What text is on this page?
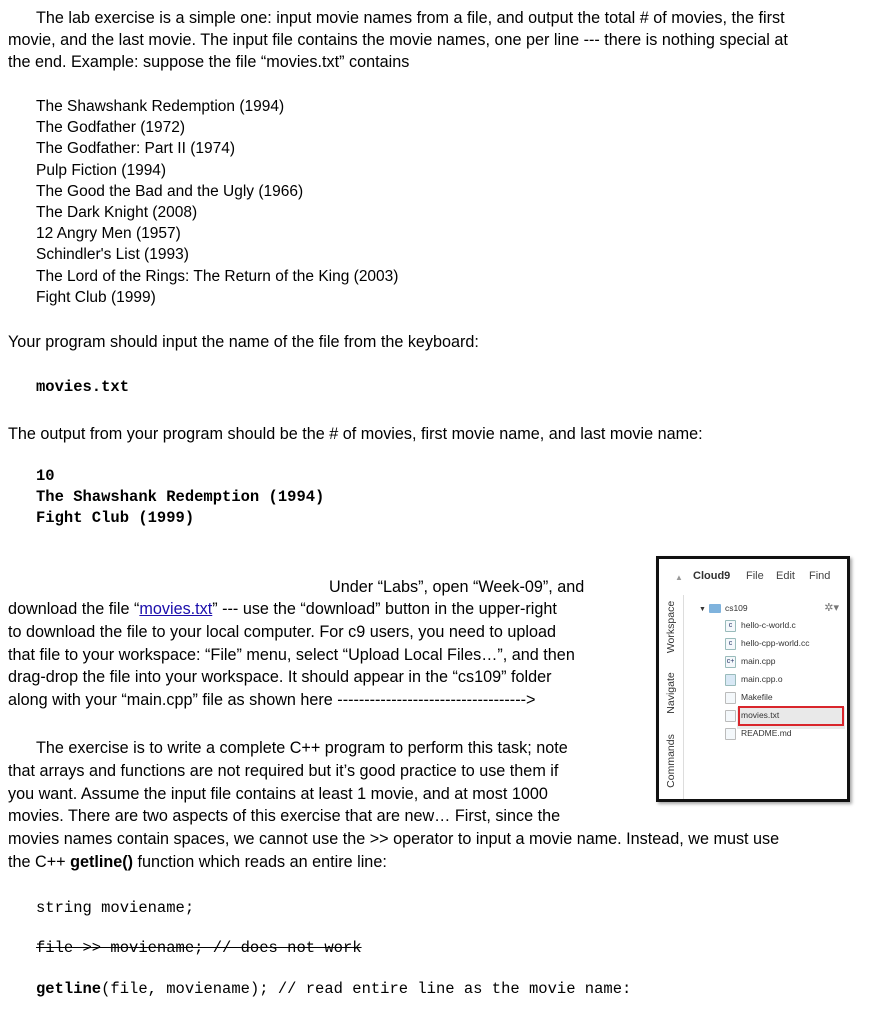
The lab exercise is a simple one: input movie names from a file, and output the total # of movies, the first
movie, and the last movie. The input file contains the movie names, one per line --- there is nothing special at
the end. Example: suppose the file “movies.txt” contains
The Shawshank Redemption (1994)
The Godfather (1972)
The Godfather: Part II (1974)
Pulp Fiction (1994)
The Good the Bad and the Ugly (1966)
The Dark Knight (2008)
12 Angry Men (1957)
Schindler's List (1993)
The Lord of the Rings: The Return of the King (2003)
Fight Club (1999)
Your program should input the name of the file from the keyboard:
movies.txt
The output from your program should be the # of movies, first movie name, and last movie name:
10
The Shawshank Redemption (1994)
Fight Club (1999)
Under “Labs”, open “Week-09”, and
download the file “movies.txt” --- use the “download” button in the upper-right
to download the file to your local computer. For c9 users, you need to upload
that file to your workspace: “File” menu, select “Upload Local Files…”, and then
drag-drop the file into your workspace. It should appear in the “cs109” folder
along with your “main.cpp” file as shown here ----------------------------------->
The exercise is to write a complete C++ program to perform this task; note
that arrays and functions are not required but it’s good practice to use them if
you want. Assume the input file contains at least 1 movie, and at most 1000
movies. There are two aspects of this exercise that are new… First, since the
movies names contain spaces, we cannot use the >> operator to input a movie name. Instead, we must use
the C++ getline() function which reads an entire line:
string moviename;
file >> moviename; // does not work
getline(file, moviename); // read entire line as the movie name:
▲ Cloud9 File Edit Find
Workspace
Navigate
Commands
✲▾
▼ cs109
c hello-c-world.c
c hello-cpp-world.cc
c+ main.cpp
main.cpp.o
Makefile
movies.txt
README.md
